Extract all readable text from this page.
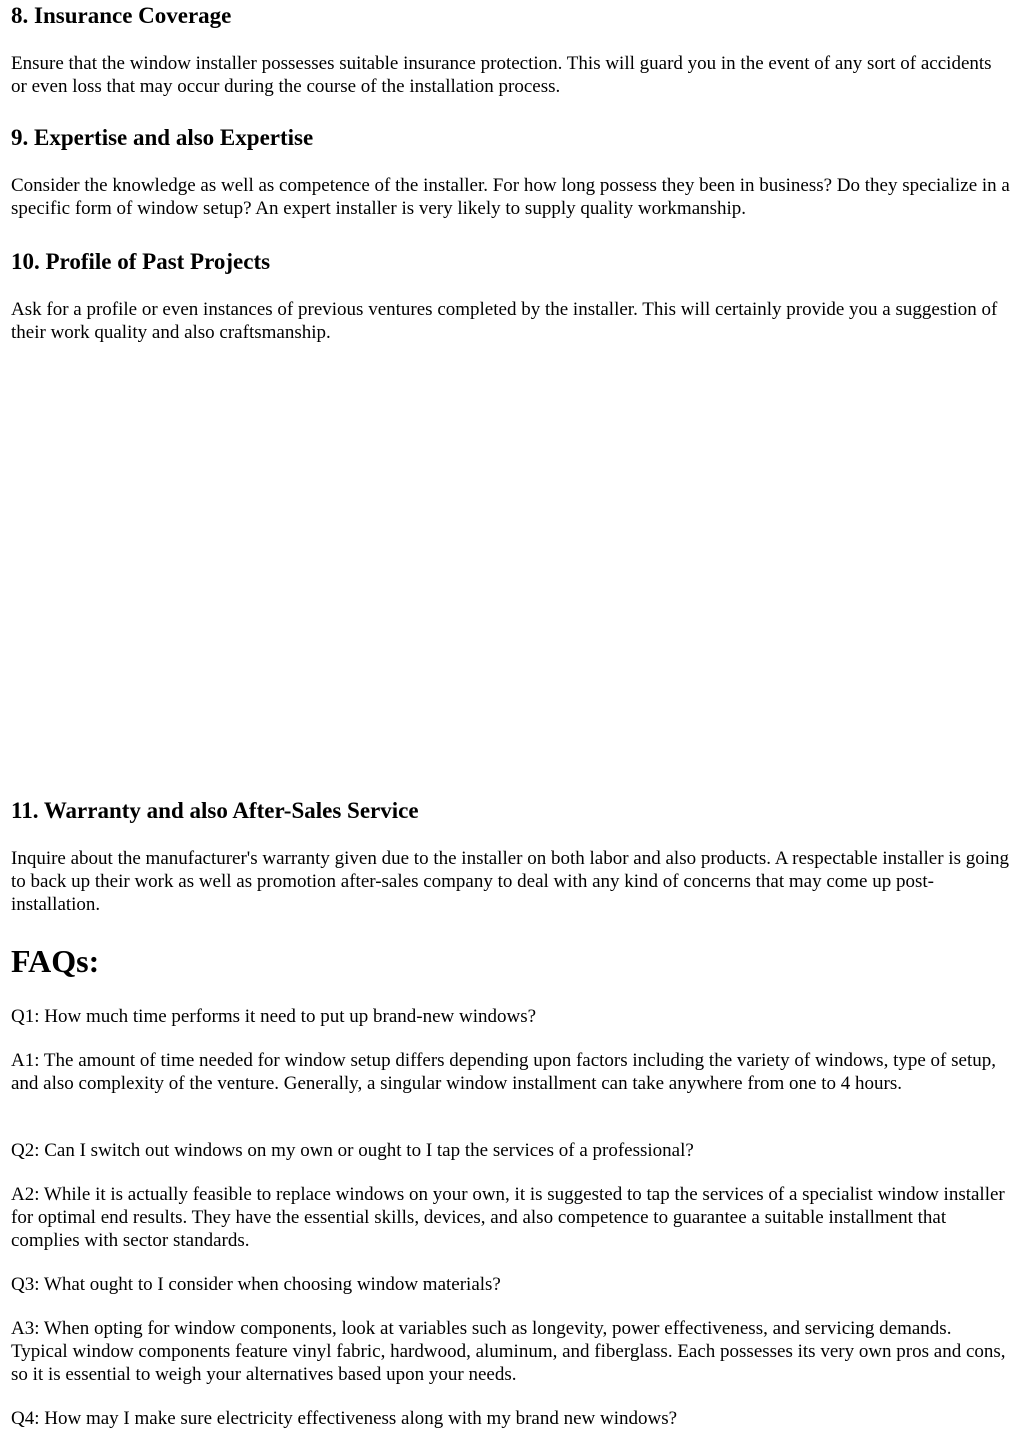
8. Insurance Coverage

Ensure that the window installer possesses suitable insurance protection. This will guard you in the event of any sort of accidents or even loss that may occur during the course of the installation process.

9. Expertise and also Expertise

Consider the knowledge as well as competence of the installer. For how long possess they been in business? Do they specialize in a specific form of window setup? An expert installer is very likely to supply quality workmanship.

10. Profile of Past Projects

Ask for a profile or even instances of previous ventures completed by the installer. This will certainly provide you a suggestion of their work quality and also craftsmanship.

11. Warranty and also After-Sales Service

Inquire about the manufacturer's warranty given due to the installer on both labor and also products. A respectable installer is going to back up their work as well as promotion after-sales company to deal with any kind of concerns that may come up post-installation.

FAQs:

Q1: How much time performs it need to put up brand-new windows?

A1: The amount of time needed for window setup differs depending upon factors including the variety of windows, type of setup, and also complexity of the venture. Generally, a singular window installment can take anywhere from one to 4 hours.

Q2: Can I switch out windows on my own or ought to I tap the services of a professional?

A2: While it is actually feasible to replace windows on your own, it is suggested to tap the services of a specialist window installer for optimal end results. They have the essential skills, devices, and also competence to guarantee a suitable installment that complies with sector standards.

Q3: What ought to I consider when choosing window materials?

A3: When opting for window components, look at variables such as longevity, power effectiveness, and servicing demands. Typical window components feature vinyl fabric, hardwood, aluminum, and fiberglass. Each possesses its very own pros and cons, so it is essential to weigh your alternatives based upon your needs.

Q4: How may I make sure electricity effectiveness along with my brand new windows?
